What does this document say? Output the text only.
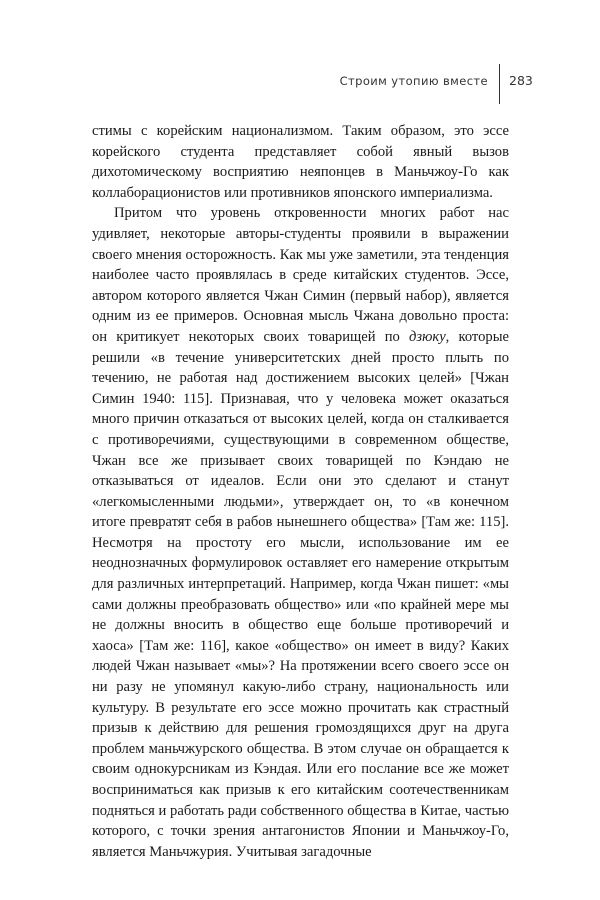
Строим утопию вместе 283

стимы с корейским национализмом. Таким образом, это эссе корейского студента представляет собой явный вызов дихотомическому восприятию неяпонцев в Маньчжоу-Го как коллаборационистов или противников японского империализма.

Притом что уровень откровенности многих работ нас удивляет, некоторые авторы-студенты проявили в выражении своего мнения осторожность. Как мы уже заметили, эта тенденция наиболее часто проявлялась в среде китайских студентов. Эссе, автором которого является Чжан Симин (первый набор), является одним из ее примеров. Основная мысль Чжана довольно проста: он критикует некоторых своих товарищей по дзюку, которые решили «в течение университетских дней просто плыть по течению, не работая над достижением высоких целей» [Чжан Симин 1940: 115]. Признавая, что у человека может оказаться много причин отказаться от высоких целей, когда он сталкивается с противоречиями, существующими в современном обществе, Чжан все же призывает своих товарищей по Кэндаю не отказываться от идеалов. Если они это сделают и станут «легкомысленными людьми», утверждает он, то «в конечном итоге превратят себя в рабов нынешнего общества» [Там же: 115]. Несмотря на простоту его мысли, использование им ее неоднозначных формулировок оставляет его намерение открытым для различных интерпретаций. Например, когда Чжан пишет: «мы сами должны преобразовать общество» или «по крайней мере мы не должны вносить в общество еще больше противоречий и хаоса» [Там же: 116], какое «общество» он имеет в виду? Каких людей Чжан называет «мы»? На протяжении всего своего эссе он ни разу не упомянул какую-либо страну, национальность или культуру. В результате его эссе можно прочитать как страстный призыв к действию для решения громоздящихся друг на друга проблем маньчжурского общества. В этом случае он обращается к своим однокурсникам из Кэндая. Или его послание все же может восприниматься как призыв к его китайским соотечественникам подняться и работать ради собственного общества в Китае, частью которого, с точки зрения антагонистов Японии и Маньчжоу-Го, является Маньчжурия. Учитывая загадочные
